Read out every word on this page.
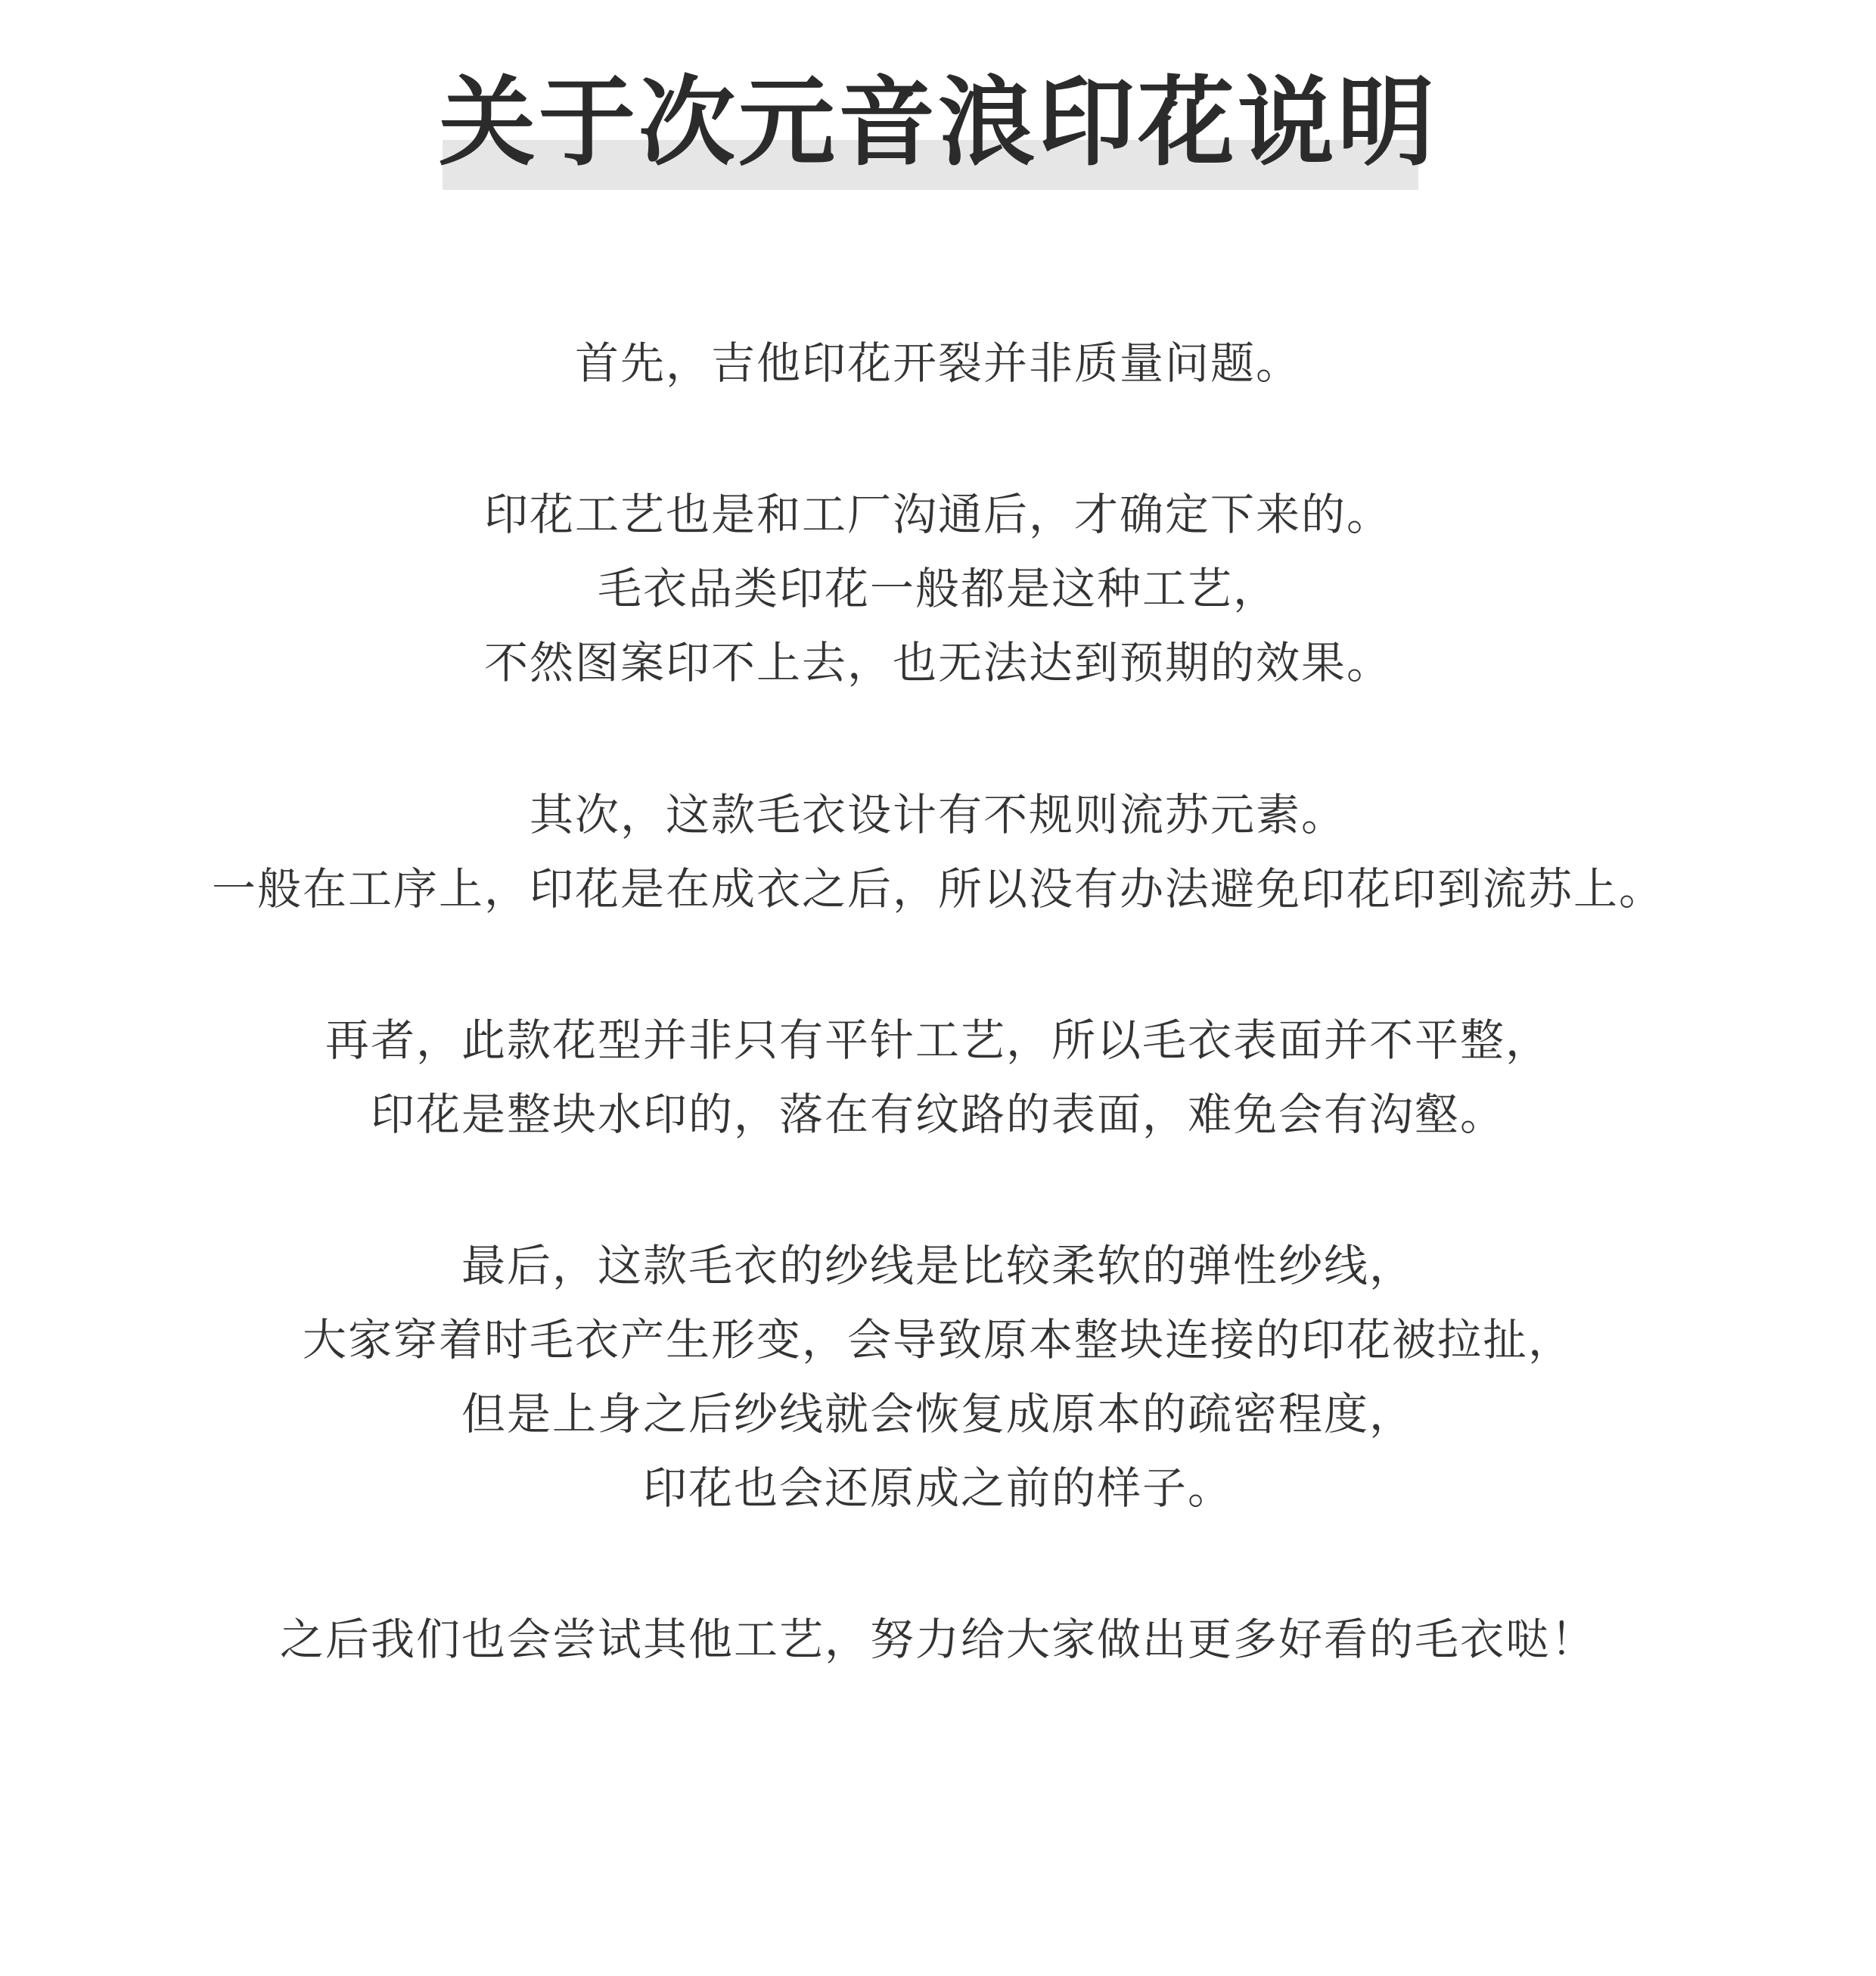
关于次元音浪印花说明
首先，吉他印花开裂并非质量问题。
印花工艺也是和工厂沟通后，才确定下来的。
毛衣品类印花一般都是这种工艺，
不然图案印不上去，也无法达到预期的效果。
其次，这款毛衣设计有不规则流苏元素。
一般在工序上，印花是在成衣之后，所以没有办法避免印花印到流苏上。
再者，此款花型并非只有平针工艺，所以毛衣表面并不平整，
印花是整块水印的，落在有纹路的表面，难免会有沟壑。
最后，这款毛衣的纱线是比较柔软的弹性纱线，
大家穿着时毛衣产生形变，会导致原本整块连接的印花被拉扯，
但是上身之后纱线就会恢复成原本的疏密程度，
印花也会还原成之前的样子。
之后我们也会尝试其他工艺，努力给大家做出更多好看的毛衣哒！
